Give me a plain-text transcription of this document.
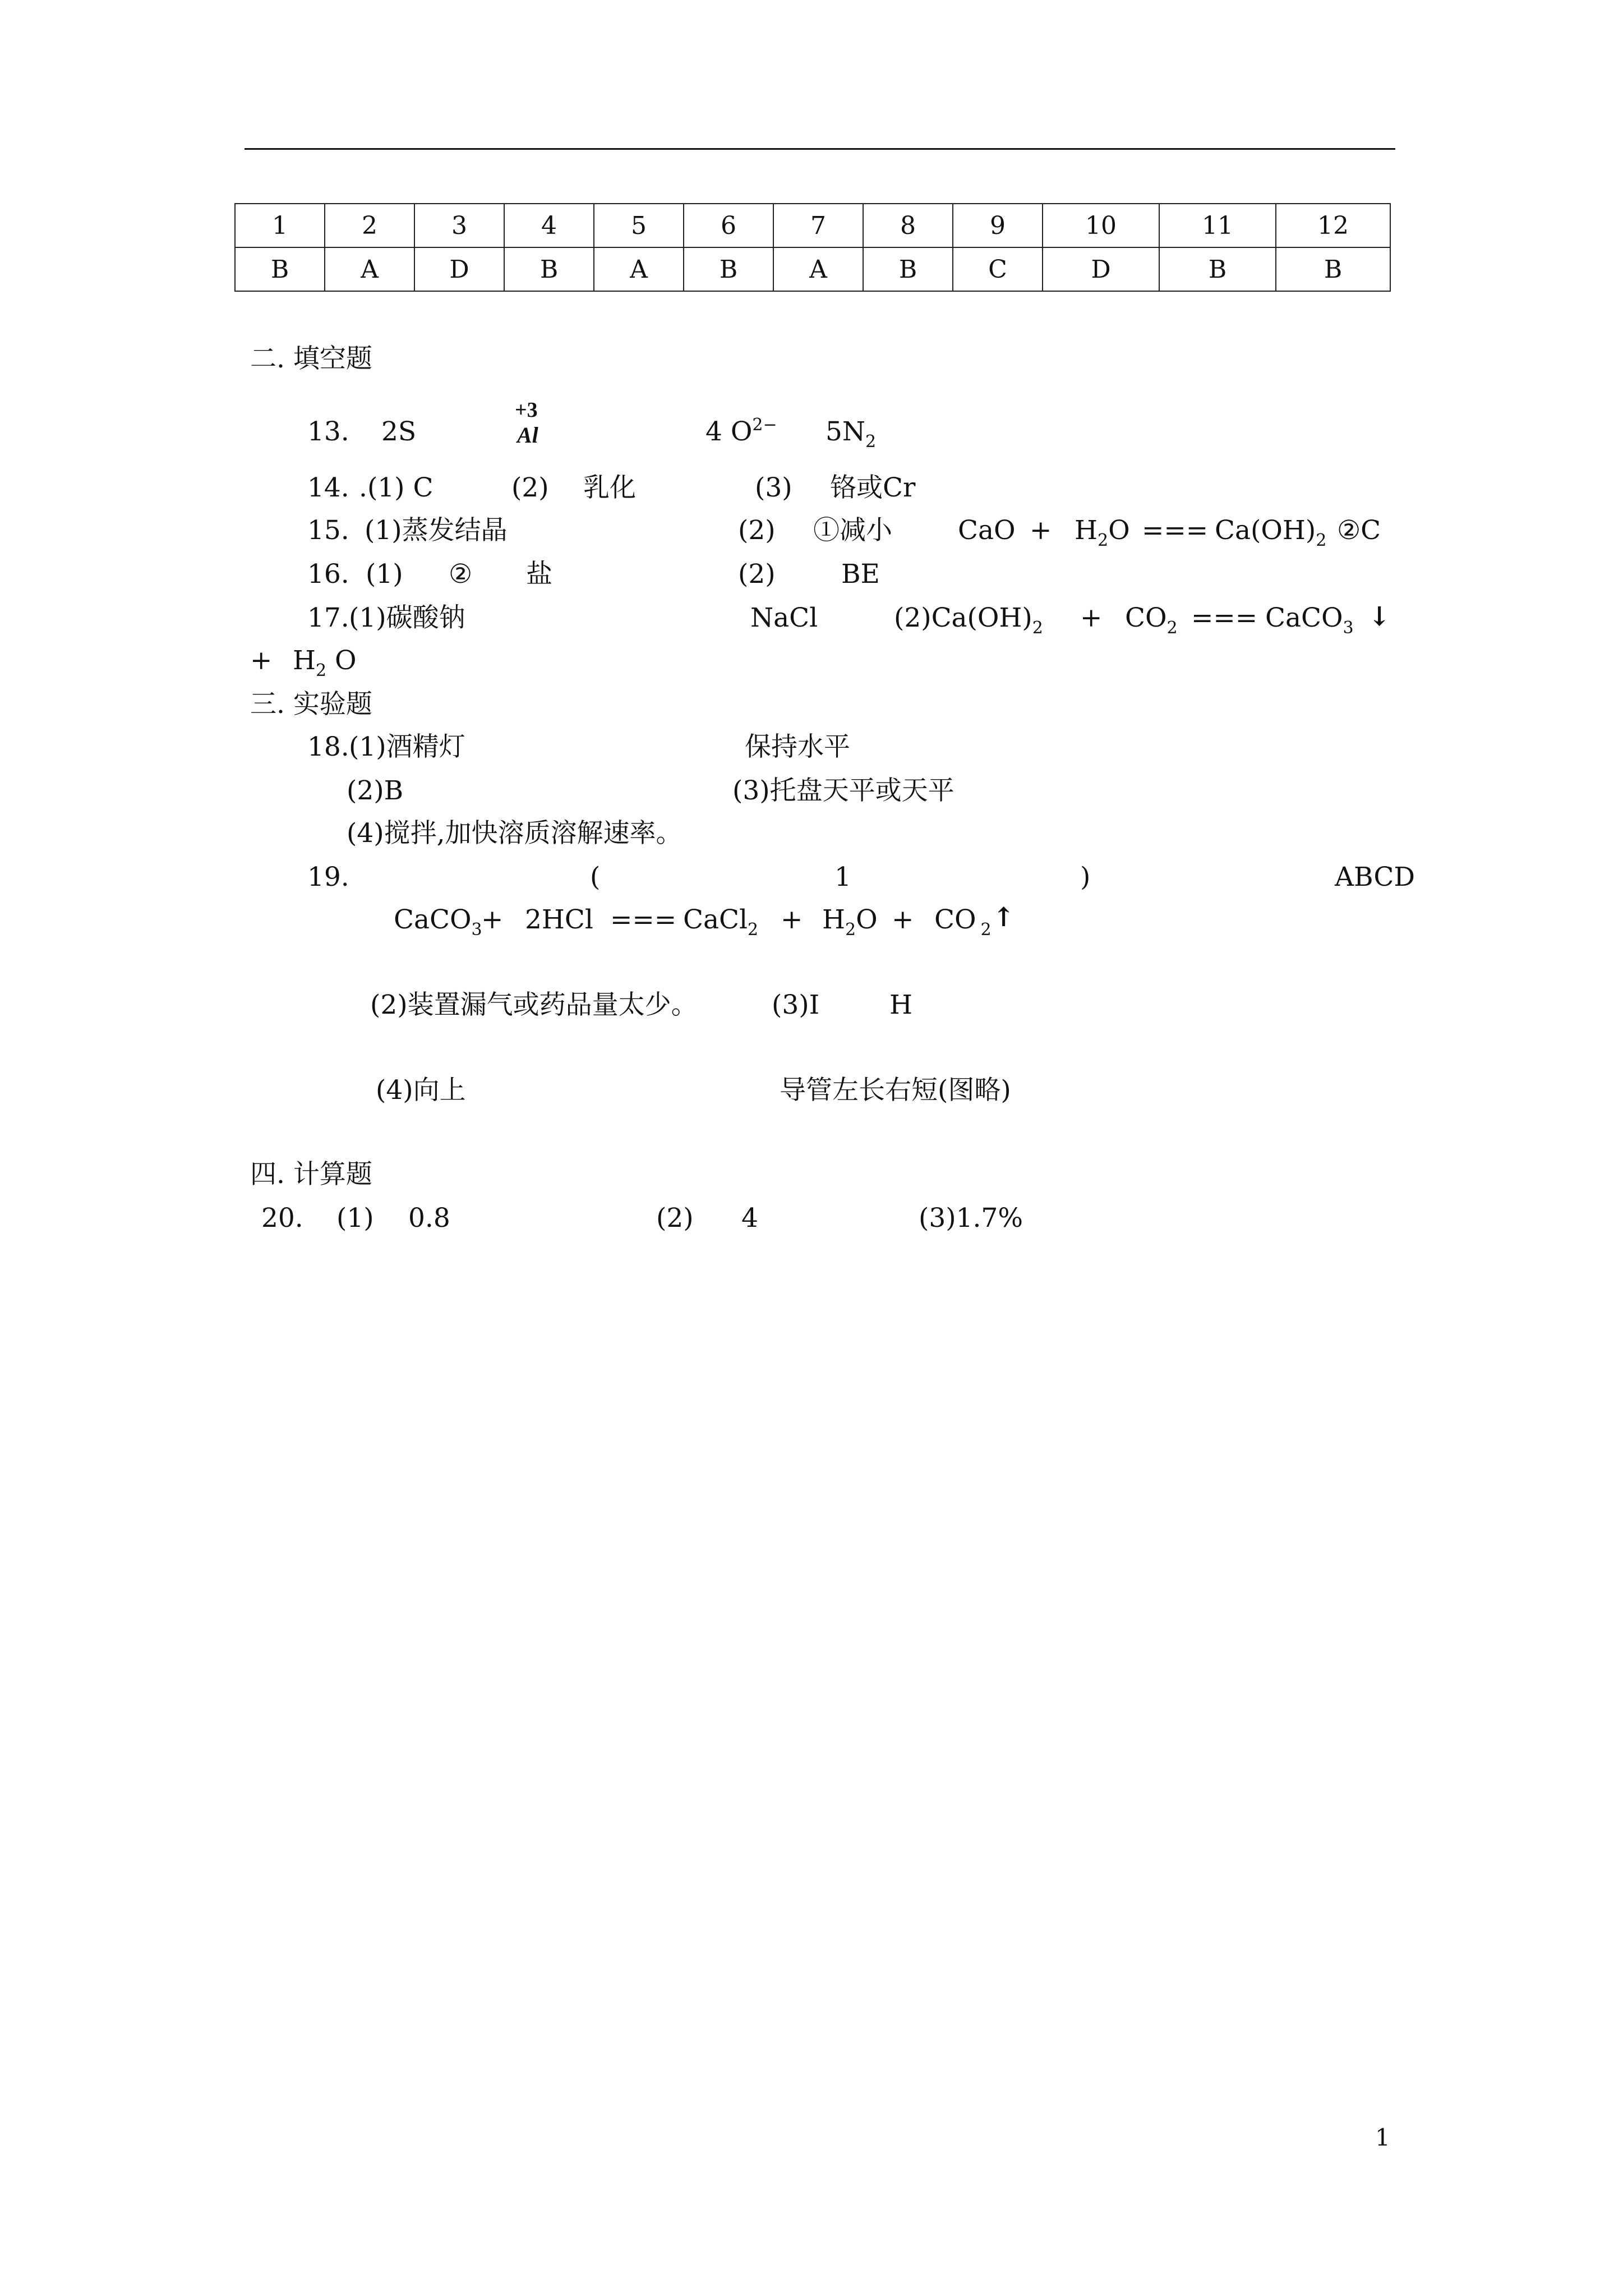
1	2	3	4	5	6	7	8	9	10	11	12
B	A	D	B	A	B	A	B	C	D	B	B
二. 填空题
13. 2S
+3
Al	4 $O^{2-}$ $5N_2$
14. .(1) C	(2) 乳化	(3) 铬或Cr
15. (1)蒸发结晶	(2) ①减小 CaO + $H_2O$ === $Ca(OH)_2$ ②C
16. (1) ② 盐	(2) BE
17. (1)碳酸钠	NaCl	$(2)Ca(OH)_2 + CO_2$ === CaCO$_3$ ↓
+ $H_2$ O
三. 实验题
18. (1)酒精灯	保持水平
(2)B	(3)托盘天平或天平
(4)搅拌,加快溶质溶解速率。
19.	(	1	)	ABCD
CaCO$_3$
+ 2HCl === CaCl$_2$ + $H_2O$ + CO $_2$ ↑
(2)装置漏气或药品量太少。	(3)I	H
(4)向上	导管左长右短(图略)
四. 计算题
20. (1) 0.8	(2) 4	(3)1.7%
1
